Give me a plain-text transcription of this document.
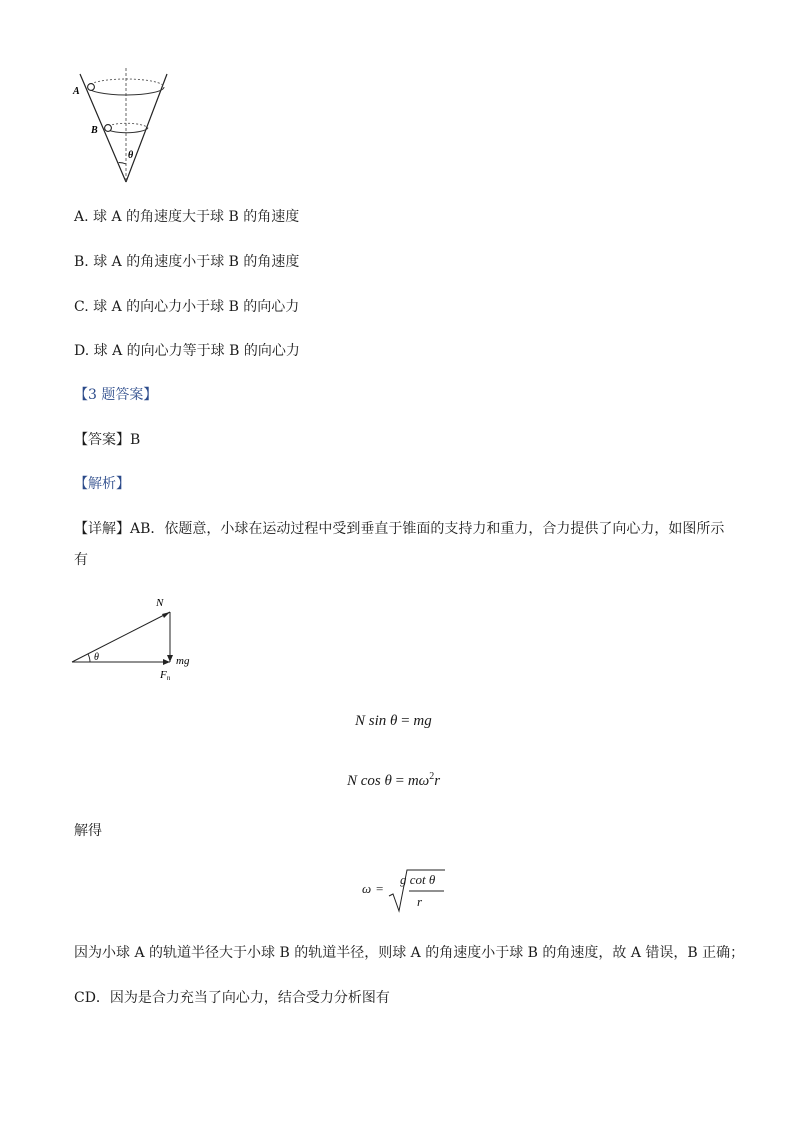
A
B
θ
A. 球 A 的角速度大于球 B 的角速度
B. 球 A 的角速度小于球 B 的角速度
C. 球 A 的向心力小于球 B 的向心力
D. 球 A 的向心力等于球 B 的向心力
【3 题答案】
【答案】B
【解析】
【详解】AB．依题意，小球在运动过程中受到垂直于锥面的支持力和重力，合力提供了向心力，如图所示
有
N
θ	mg
Fn
N sin θ = mg
N $\cos \theta = m\omega^2r$
解得
ω =
g cot θ
r
因为小球 A 的轨道半径大于小球 B 的轨道半径，则球 A 的角速度小于球 B 的角速度，故 A 错误，B 正确；
CD．因为是合力充当了向心力，结合受力分析图有
